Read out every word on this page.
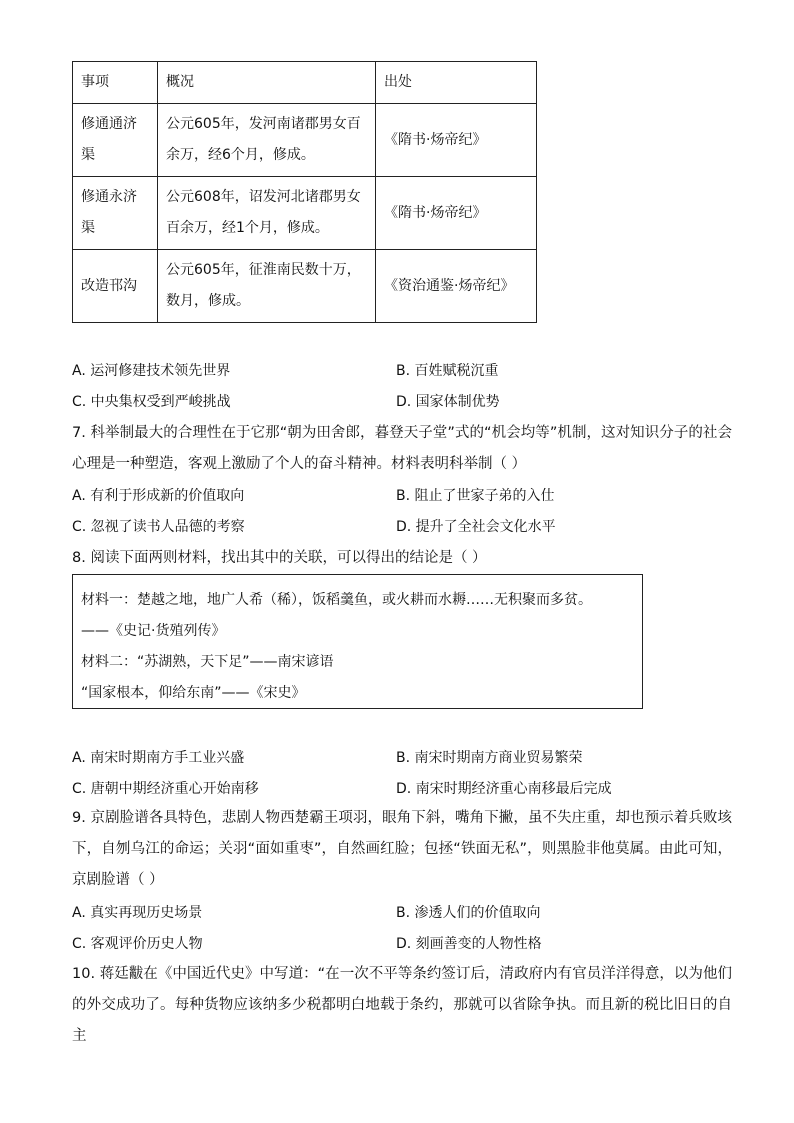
事项	概况	出处
修通通济渠	公元605年，发河南诸郡男女百余万，经6个月，修成。	《隋书·炀帝纪》
修通永济渠	公元608年，诏发河北诸郡男女百余万，经1个月，修成。	《隋书·炀帝纪》
改造邗沟	公元605年，征淮南民数十万，数月，修成。	《资治通鉴·炀帝纪》
A. 运河修建技术领先世界	B. 百姓赋税沉重
C. 中央集权受到严峻挑战	D. 国家体制优势
7. 科举制最大的合理性在于它那“朝为田舍郎，暮登天子堂”式的“机会均等”机制，这对知识分子的社会心理是一种塑造，客观上激励了个人的奋斗精神。材料表明科举制（ ）
A. 有利于形成新的价值取向	B. 阻止了世家子弟的入仕
C. 忽视了读书人品德的考察	D. 提升了全社会文化水平
8. 阅读下面两则材料，找出其中的关联，可以得出的结论是（ ）
材料一：楚越之地，地广人希（稀），饭稻羹鱼，或火耕而水耨……无积聚而多贫。
——《史记·货殖列传》
材料二：“苏湖熟，天下足”——南宋谚语
“国家根本，仰给东南”——《宋史》
A. 南宋时期南方手工业兴盛	B. 南宋时期南方商业贸易繁荣
C. 唐朝中期经济重心开始南移	D. 南宋时期经济重心南移最后完成
9. 京剧脸谱各具特色，悲剧人物西楚霸王项羽，眼角下斜，嘴角下撇，虽不失庄重，却也预示着兵败垓下，自刎乌江的命运；关羽“面如重枣”，自然画红脸；包拯“铁面无私”，则黑脸非他莫属。由此可知，京剧脸谱（ ）
A. 真实再现历史场景	B. 渗透人们的价值取向
C. 客观评价历史人物	D. 刻画善变的人物性格
10. 蒋廷黻在《中国近代史》中写道：“在一次不平等条约签订后，清政府内有官员洋洋得意，以为他们的外交成功了。每种货物应该纳多少税都明白地载于条约，那就可以省除争执。而且新的税比旧日的自主
